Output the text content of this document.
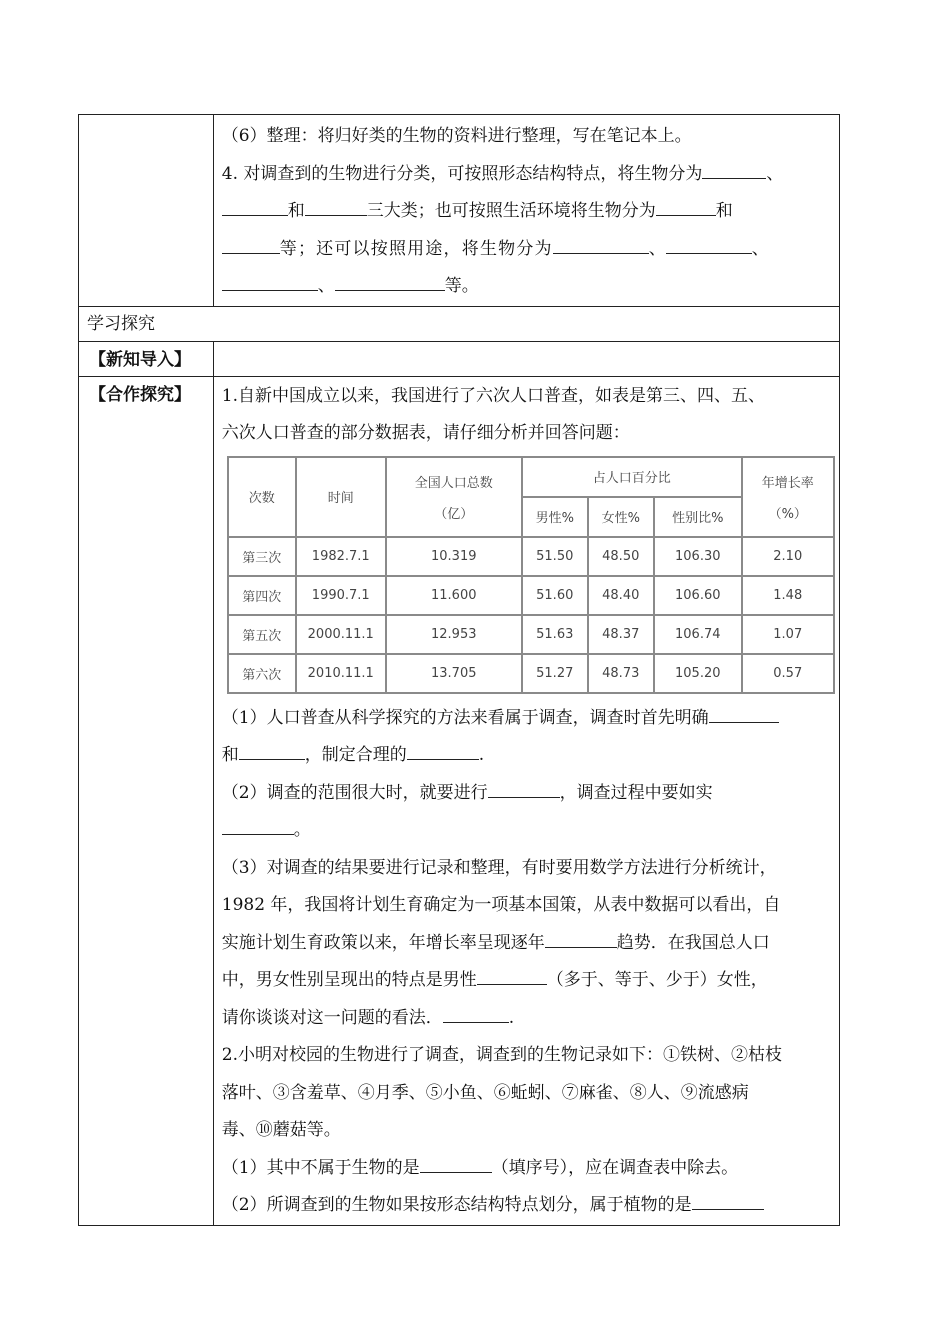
（6）整理：将归好类的生物的资料进行整理，写在笔记本上。
4. 对调查到的生物进行分类，可按照形态结构特点，将生物分为	、
和	三大类；也可按照生活环境将生物分为	和
等；还可以按照用途，将生物分为	、	、
、	等。

学习探究

【新知导入】

【合作探究】	1.自新中国成立以来，我国进行了六次人口普查，如表是第三、四、五、
六次人口普查的部分数据表，请仔细分析并回答问题：
次数	时间	
全国人口总数
（亿）
	占人口百分比	年增长率
（%）

男性%	女性%	性别比%
第三次	1982.7.1	10.319	51.50	48.50	106.30	2.10
第四次	1990.7.1	11.600	51.60	48.40	106.60	1.48
第五次	2000.11.1	12.953	51.63	48.37	106.74	1.07
第六次	2010.11.1	13.705	51.27	48.73	105.20	0.57
（1）人口普查从科学探究的方法来看属于调查，调查时首先明确
和	，制定合理的	.
（2）调查的范围很大时，就要进行	，调查过程中要如实
。
（3）对调查的结果要进行记录和整理，有时要用数学方法进行分析统计，
1982 年，我国将计划生育确定为一项基本国策，从表中数据可以看出，自
实施计划生育政策以来，年增长率呈现逐年	趋势．在我国总人口
中，男女性别呈现出的特点是男性	（多于、等于、少于）女性，
请你谈谈对这一问题的看法．	.
2.小明对校园的生物进行了调查，调查到的生物记录如下：①铁树、②枯枝
落叶、③含羞草、④月季、⑤小鱼、⑥蚯蚓、⑦麻雀、⑧人、⑨流感病
毒、⑩蘑菇等。
（1）其中不属于生物的是	（填序号），应在调查表中除去。
（2）所调查到的生物如果按形态结构特点划分，属于植物的是
